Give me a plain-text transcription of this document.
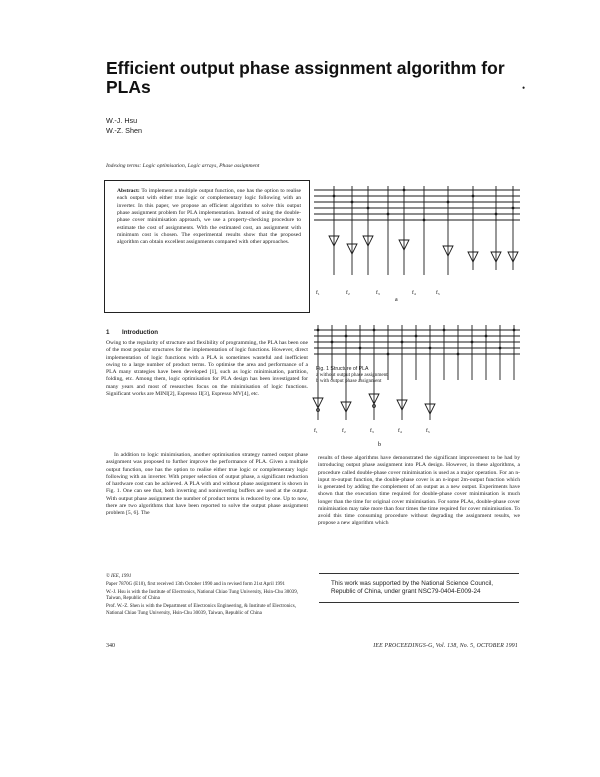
Efficient output phase assignment algorithm for PLAs	•
W.-J. Hsu
W.-Z. Shen
Indexing terms: Logic optimisation, Logic arrays, Phase assignment
Abstract: To implement a multiple output function, one has the option to realise each output with either true logic or complementary logic following with an inverter. In this paper, we propose an efficient algorithm to solve this output phase assignment problem for PLA implementation. Instead of using the double-phase cover minimisation approach, we use a property-checking procedure to estimate the cost of assignments. With the estimated cost, an assignment with minimum cost is chosen. The experimental results show that the proposed algorithm can obtain excellent assignments compared with other approaches.
1 Introduction
Owing to the regularity of structure and flexibility of programming, the PLA has been one of the most popular structures for the implementation of logic functions. However, direct implementation of logic functions with a PLA is sometimes wasteful and inefficient owing to a large number of product terms. To optimise the area and performance of a PLA many strategies have been developed [1], such as logic minimisation, partition, folding, etc. Among them, logic optimisation for PLA design has been investigated for many years and most of researches focus on the minimisation of logic functions. Significant works are MINI[2], Espresso II[3], Espresso MV[4], etc.

In addition to logic minimisation, another optimisation strategy named output phase assignment was proposed to further improve the performance of PLA. Given a multiple output function, one has the option to realise either true logic or complementary logic following with an inverter. With proper selection of output phase, a significant reduction of hardware cost can be achieved. A PLA with and without phase assignment is shown in Fig. 1. One can see that, both inverting and noninverting buffers are used at the output. With output phase assignment the number of product terms is reduced by one. Up to now, there are two algorithms that have been reported to solve the output phase assignment problem [5, 6]. The

© IEE, 1991
Paper 7870G (E10), first received 13th October 1990 and in revised form 21st April 1991
W.-J. Hsu is with the Institute of Electronics, National Chiao Tung University, Hsin-Chu 30039, Taiwan, Republic of China
Prof. W.-Z. Shen is with the Department of Electronics Engineering, & Institute of Electronics, National Chiao Tung University, Hsin-Chu 30039, Taiwan, Republic of China
results of these algorithms have demonstrated the significant improvement to be had by introducing output phase assignment into PLA design. However, in these algorithms, a procedure called double-phase cover minimisation is used as a major operation. For an n-input m-output function, the double-phase cover is an n-input 2m-output function which is generated by adding the complement of an output as a new output. Experiments have shown that the execution time required for double-phase cover minimisation is much longer than the time for original cover minimisation. For some PLAs, double-phase cover minimisation may take more than four times the time required for cover minimisation. To avoid this time consuming procedure without degrading the assignment results, we propose a new algorithm which
This work was supported by the National Science Council, Republic of China, under grant NSC79-0404-E009-24
340	IEE PROCEEDINGS-G, Vol. 138, No. 5, OCTOBER 1991
a
f₁	f₂	f₃	f₄	f₅
Fig. 1 Structure of PLA
a without output phase assignment
b with output phase assignment
f₁	f₂	f₃	f₄	f₅
b
